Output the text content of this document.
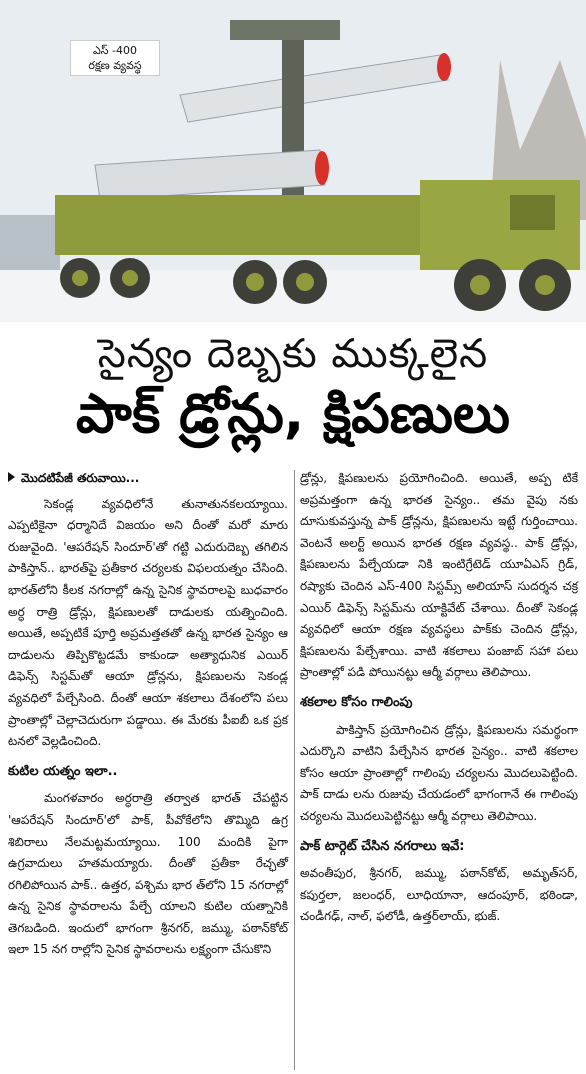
ఎస్‌ -400
రక్షణ వ్యవస్థ
సైన్యం దెబ్బకు ముక్కలైన
పాక్‌ డ్రోన్లు, క్షిపణులు
మొదటిపేజీ తరువాయి...

సెకండ్ల వ్యవధిలోనే తునాతునకలయ్యాయి. ఎప్పటికైనా ధర్మానిదే విజయం అని దీంతో మరో మారు రుజువైంది. 'ఆపరేషన్‌ సిందూర్‌'తో గట్టి ఎదురుదెబ్బ తగిలిన పాకిస్తాన్‌.. భారత్‌పై ప్రతీకార చర్యలకు విఫలయత్నం చేసింది. భారత్‌లోని కీలక నగరాల్లో ఉన్న సైనిక స్థావరాలపై బుధవారం అర్ధ రాత్రి డ్రోన్లు, క్షిపణులతో దాడులకు యత్నించింది. అయితే, అప్పటికే పూర్తి అప్రమత్తతతో ఉన్న భారత సైన్యం ఆ దాడులను తిప్పికొట్టడమే కాకుండా అత్యాధునిక ఎయిర్‌ డిఫెన్స్‌ సిస్టమ్‌తో ఆయా డ్రోన్లను, క్షిపణులను సెకండ్ల వ్యవధిలో పేల్చేసింది. దీంతో ఆయా శకలాలు దేశంలోని పలు ప్రాంతాల్లో చెల్లాచెదురుగా పడ్డాయి. ఈ మేరకు పీఐబీ ఒక ప్రక టనలో వెల్లడించింది.

కుటిల యత్నం ఇలా..

మంగళవారం అర్ధరాత్రి తర్వాత భారత్‌ చేపట్టిన 'ఆపరేషన్‌ సిందూర్‌'లో పాక్‌, పీవోకేలోని తొమ్మిది ఉగ్ర శిబిరాలు నేలమట్టమయ్యాయి. 100 మందికి పైగా ఉగ్రవాదులు హతమయ్యారు. దీంతో ప్రతీకా రేచ్ఛతో రగిలిపోయిన పాక్‌.. ఉత్తర, పశ్చిమ భార త్‌లోని 15 నగరాల్లో ఉన్న సైనిక స్థావరాలను పేల్చే యాలని కుటిల యత్నానికి తెగబడింది. ఇందులో భాగంగా శ్రీనగర్‌, జమ్ము, పఠాన్‌కోట్‌ ఇలా 15 నగ రాల్లోని సైనిక స్థావరాలను లక్ష్యంగా చేసుకొని

డ్రోన్లు, క్షిపణులను ప్రయోగించింది. అయితే, అప్ప టికే అప్రమత్తంగా ఉన్న భారత సైన్యం.. తమ వైపు నకు దూసుకువస్తున్న పాక్‌ డ్రోన్లను, క్షిపణులను ఇట్టే గుర్తించాయి. వెంటనే అలర్ట్‌ అయిన భారత రక్షణ వ్యవస్థ.. పాక్‌ డ్రోన్లు, క్షిపణులను పేల్చేయడా నికి ఇంటిగ్రేటెడ్‌ యూఏఎస్‌ గ్రిడ్‌, రష్యాకు చెందిన ఎస్‌-400 సిస్టమ్స్‌ అలియాస్‌ సుదర్శన చక్ర ఎయిర్‌ డిఫెన్స్‌ సిస్టమ్‌ను యాక్టివేట్‌ చేశాయి. దీంతో సెకండ్ల వ్యవధిలో ఆయా రక్షణ వ్యవస్థలు పాక్‌కు చెందిన డ్రోన్లు, క్షిపణులను పేల్చేశాయి. వాటి శకలాలు పంజాబ్‌ సహా పలు ప్రాంతాల్లో పడి పోయినట్టు ఆర్మీ వర్గాలు తెలిపాయి.

శకలాల కోసం గాలింపు

పాకిస్తాన్‌ ప్రయోగించిన డ్రోన్లు, క్షిపణులను సమర్థంగా ఎదుర్కొని వాటిని పేల్చేసిన భారత సైన్యం.. వాటి శకలాల కోసం ఆయా ప్రాంతాల్లో గాలింపు చర్యలను మొదలుపెట్టింది. పాక్‌ దాడు లను రుజువు చేయడంలో భాగంగానే ఈ గాలింపు చర్యలను మొదలుపెట్టినట్టు ఆర్మీ వర్గాలు తెలిపాయి.

పాక్‌ టార్గెట్‌ చేసిన నగరాలు ఇవే:

అవంతీపుర, శ్రీనగర్‌, జమ్ము, పఠాన్‌కోట్‌, అమృత్‌సర్‌, కపుర్తలా, జలంధర్‌, లూధియానా, ఆదంపూర్‌, భఠిండా, చండీగఢ్‌, నాల్‌, ఫలోడీ, ఉత్తర్‌లాయ్‌, భుజ్‌.
